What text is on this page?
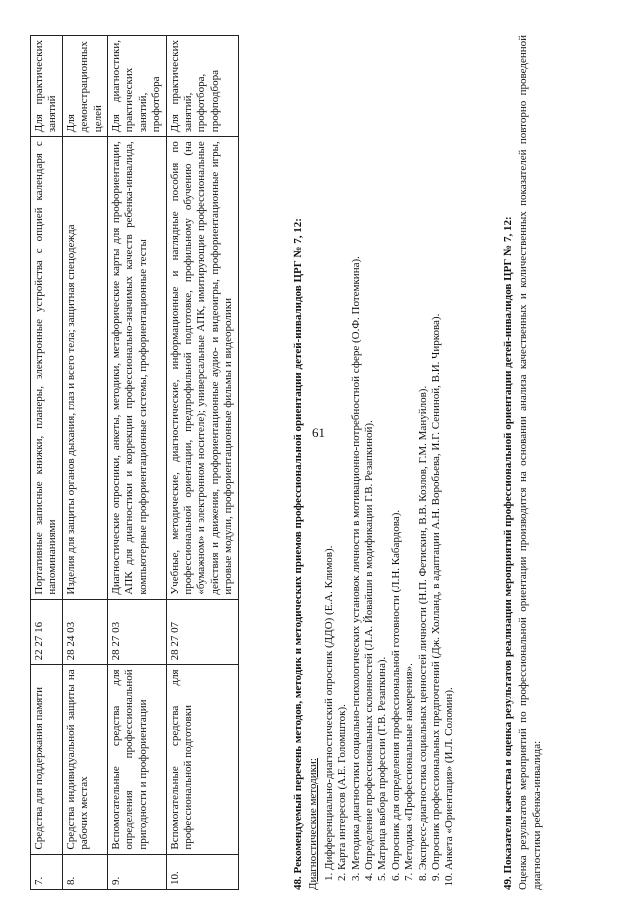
61
7.	Средства для поддержания памяти	22 27 16	Портативные записные книжки, планеры, электронные устройства с опцией календаря с напоминаниями	Для практических занятий
8.	Средства индивидуальной защиты на рабочих местах	28 24 03	Изделия для защиты органов дыхания, глаз и всего тела; защитная спецодежда	Для демонстрационных целей
9.	Вспомогательные средства для определения профессиональной пригодности и профориентации	28 27 03	Диагностические опросники, анкеты, методики, метафорические карты для профориентации, АПК для диагностики и коррекции профессионально-значимых качеств ребенка-инвалида, компьютерные профориентационные системы, профориентационные тесты	Для диагностики, практических занятий, профотбора
10.	Вспомогательные средства для профессиональной подготовки	28 27 07	Учебные, методические, диагностические, информационные и наглядные пособия по профессиональной ориентации, предпрофильной подготовке, профильному обучению (на «бумажном» и электронном носителе); универсальные АПК, имитирующие профессиональные действия и движения, профориентационные аудио- и видеоигры, профориентационные игры, игровые модули, профориентационные фильмы и видеоролики	Для практических занятий, профотбора, профподбора

48. Рекомендуемый перечень методов, методик и методических приемов профессиональной ориентации детей-инвалидов ЦРГ № 7, 12: Диагностические методики: 1. Дифференциально-диагностический опросник (ДДО) (Е.А. Климов). 2. Карта интересов (А.Е. Голомшток). 3. Методика диагностики социально-психологических установок личности в мотивационно-потребностной сфере (О.Ф. Потемкина). 4. Определение профессиональных склонностей (Л.А. Йовайши в модификации Г.В. Резапкиной). 5. Матрица выбора профессии (Г.В. Резапкина). 6. Опросник для определения профессиональной готовности (Л.Н. Кабардова). 7. Методика «Профессиональные намерения». 8. Экспресс-диагностика социальных ценностей личности (Н.П. Фетискин, В.В. Козлов, Г.М. Мануйлов). 9. Опросник профессиональных предпочтений (Дж. Холланд, в адаптации А.Н. Воробьева, И.Г. Сениной, В.И. Чиркова). 10. Анкета «Ориентация» (И.Л. Соломин).	49. Показатели качества и оценка результатов реализации мероприятий профессиональной ориентации детей-инвалидов ЦРГ № 7, 12: Оценка результатов мероприятий по профессиональной ориентации производится на основании анализа качественных и количественных показателей повторно проведенной диагностики ребенка-инвалида:
